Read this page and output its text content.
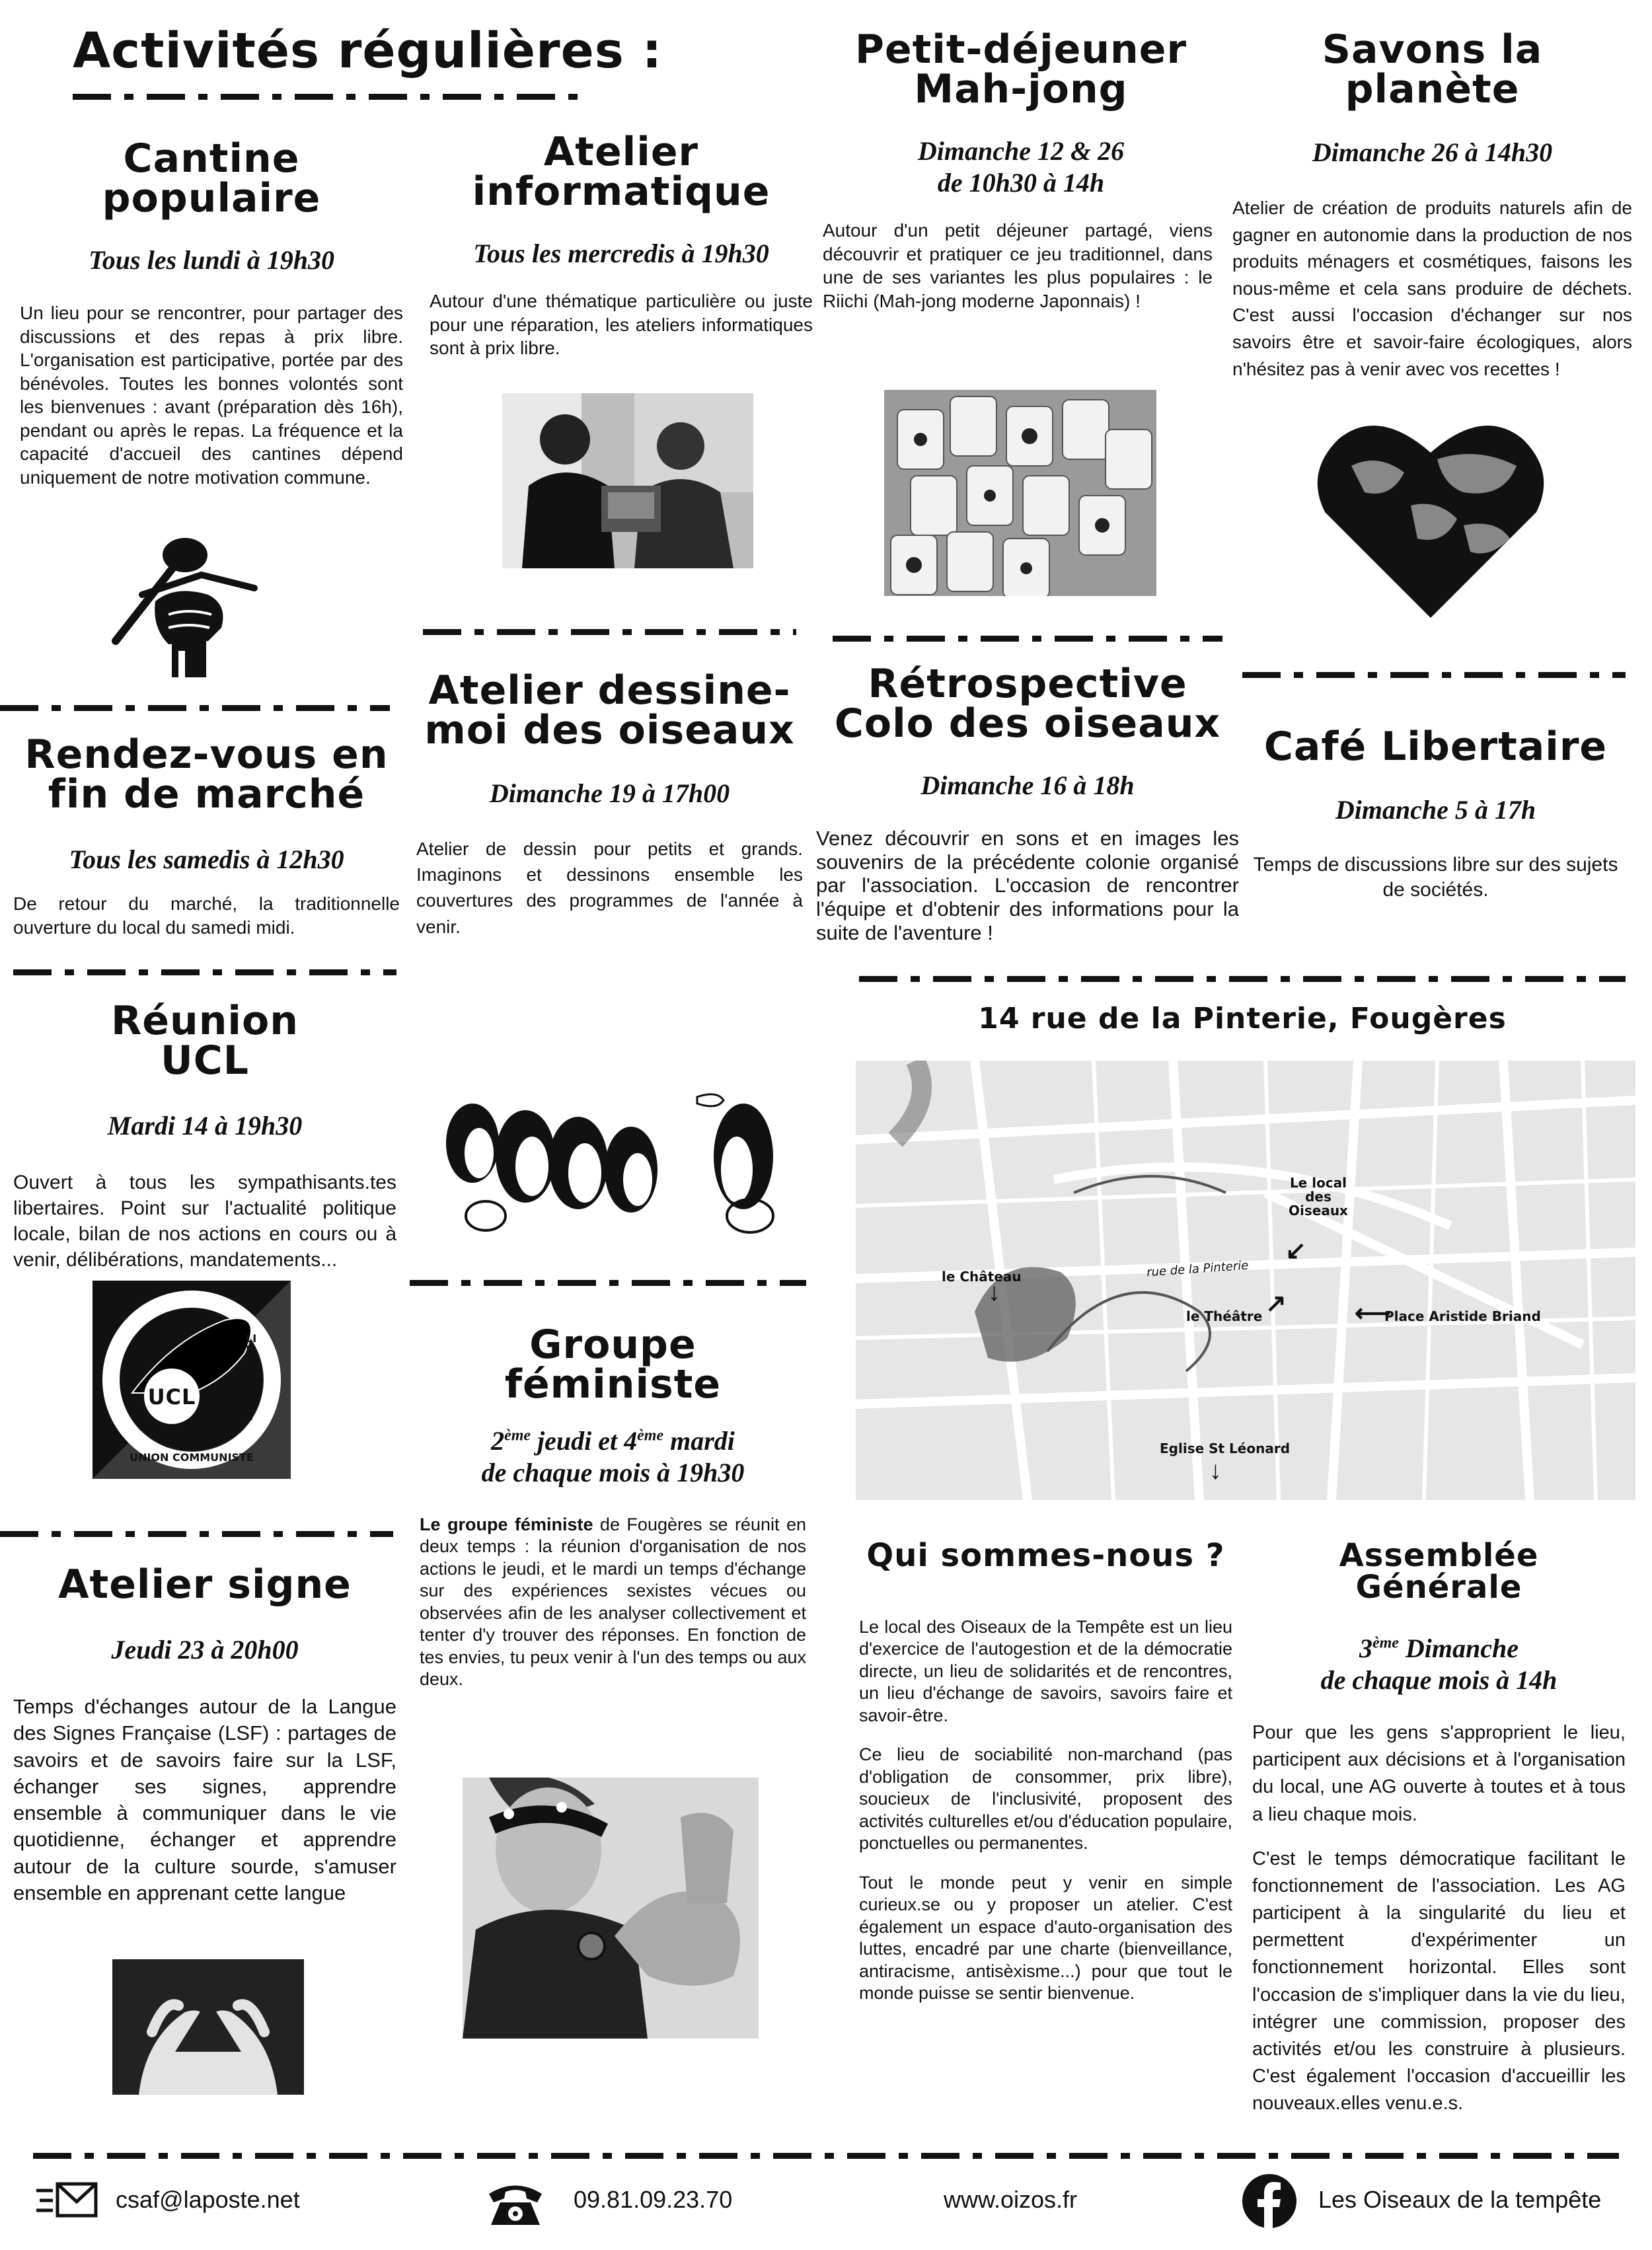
Activités régulières :
Cantine
populaire
Tous les lundi à 19h30
Un lieu pour se rencontrer, pour partager des discussions et des repas à prix libre. L'organisation est participative, portée par des bénévoles. Toutes les bonnes volontés sont les bienvenues : avant (préparation dès 16h), pendant ou après le repas. La fréquence et la capacité d'accueil des cantines dépend uniquement de notre motivation commune.
Atelier
informatique
Tous les mercredis à 19h30
Autour d'une thématique particulière ou juste pour une réparation, les ateliers informatiques sont à prix libre.
Petit-déjeuner
Mah-jong
Dimanche 12 & 26
de 10h30 à 14h
Autour d'un petit déjeuner partagé, viens découvrir et pratiquer ce jeu traditionnel, dans une de ses variantes les plus populaires : le Riichi (Mah-jong moderne Japonnais) !
Savons la planète
Dimanche 26 à 14h30
Atelier de création de produits naturels afin de gagner en autonomie dans la production de nos produits ménagers et cosmétiques, faisons les nous-même et cela sans produire de déchets. C'est aussi l'occasion d'échanger sur nos savoirs être et savoir-faire écologiques, alors n'hésitez pas à venir avec vos recettes !
Rendez-vous en
fin de marché
Tous les samedis à 12h30
De retour du marché, la traditionnelle ouverture du local du samedi midi.
Atelier dessine-
moi des oiseaux
Dimanche 19 à 17h00
Atelier de dessin pour petits et grands. Imaginons et dessinons ensemble les couvertures des programmes de l'année à venir.
Rétrospective
Colo des oiseaux
Dimanche 16 à 18h
Venez découvrir en sons et en images les souvenirs de la précédente colonie organisé par l'association. L'occasion de rencontrer l'équipe et d'obtenir des informations pour la suite de l'aventure !
Café Libertaire
Dimanche 5 à 17h
Temps de discussions libre sur des sujets de sociétés.
Réunion
UCL
Mardi 14 à 19h30
Ouvert à tous les sympathisants.tes libertaires. Point sur l'actualité politique locale, bilan de nos actions en cours ou à venir, délibérations, mandatements...
UCL
UNION COMMUNISTE
LIBERTAIRE
14 rue de la Pinterie, Fougères
Le local
des
Oiseaux
le Château	rue de la Pinterie
le Théâtre	Place Aristide Briand
Eglise St Léonard
↙
↗	⟵
↓
↓
Groupe
féministe
2ème jeudi et 4ème mardi
de chaque mois à 19h30
Le groupe féministe de Fougères se réunit en deux temps : la réunion d'organisation de nos actions le jeudi, et le mardi un temps d'échange sur des expériences sexistes vécues ou observées afin de les analyser collectivement et tenter d'y trouver des réponses. En fonction de tes envies, tu peux venir à l'un des temps ou aux deux.
Atelier signe
Jeudi 23 à 20h00
Temps d'échanges autour de la Langue des Signes Française (LSF) : partages de savoirs et de savoirs faire sur la LSF, échanger ses signes, apprendre ensemble à communiquer dans le vie quotidienne, échanger et apprendre autour de la culture sourde, s'amuser ensemble en apprenant cette langue
Qui sommes-nous ?
Le local des Oiseaux de la Tempête est un lieu d'exercice de l'autogestion et de la démocratie directe, un lieu de solidarités et de rencontres, un lieu d'échange de savoirs, savoirs faire et savoir-être.
Ce lieu de sociabilité non-marchand (pas d'obligation de consommer, prix libre), soucieux de l'inclusivité, proposent des activités culturelles et/ou d'éducation populaire, ponctuelles ou permanentes.
Tout le monde peut y venir en simple curieux.se ou y proposer un atelier. C'est également un espace d'auto-organisation des luttes, encadré par une charte (bienveillance, antiracisme, antisèxisme...) pour que tout le monde puisse se sentir bienvenue.
Assemblée Générale
3ème Dimanche
de chaque mois à 14h
Pour que les gens s'approprient le lieu, participent aux décisions et à l'organisation du local, une AG ouverte à toutes et à tous a lieu chaque mois.
C'est le temps démocratique facilitant le fonctionnement de l'association. Les AG participent à la singularité du lieu et permettent d'expérimenter un fonctionnement horizontal. Elles sont l'occasion de s'impliquer dans la vie du lieu, intégrer une commission, proposer des activités et/ou les construire à plusieurs. C'est également l'occasion d'accueillir les nouveaux.elles venu.e.s.
csaf@laposte.net	09.81.09.23.70	www.oizos.fr	Les Oiseaux de la tempête
